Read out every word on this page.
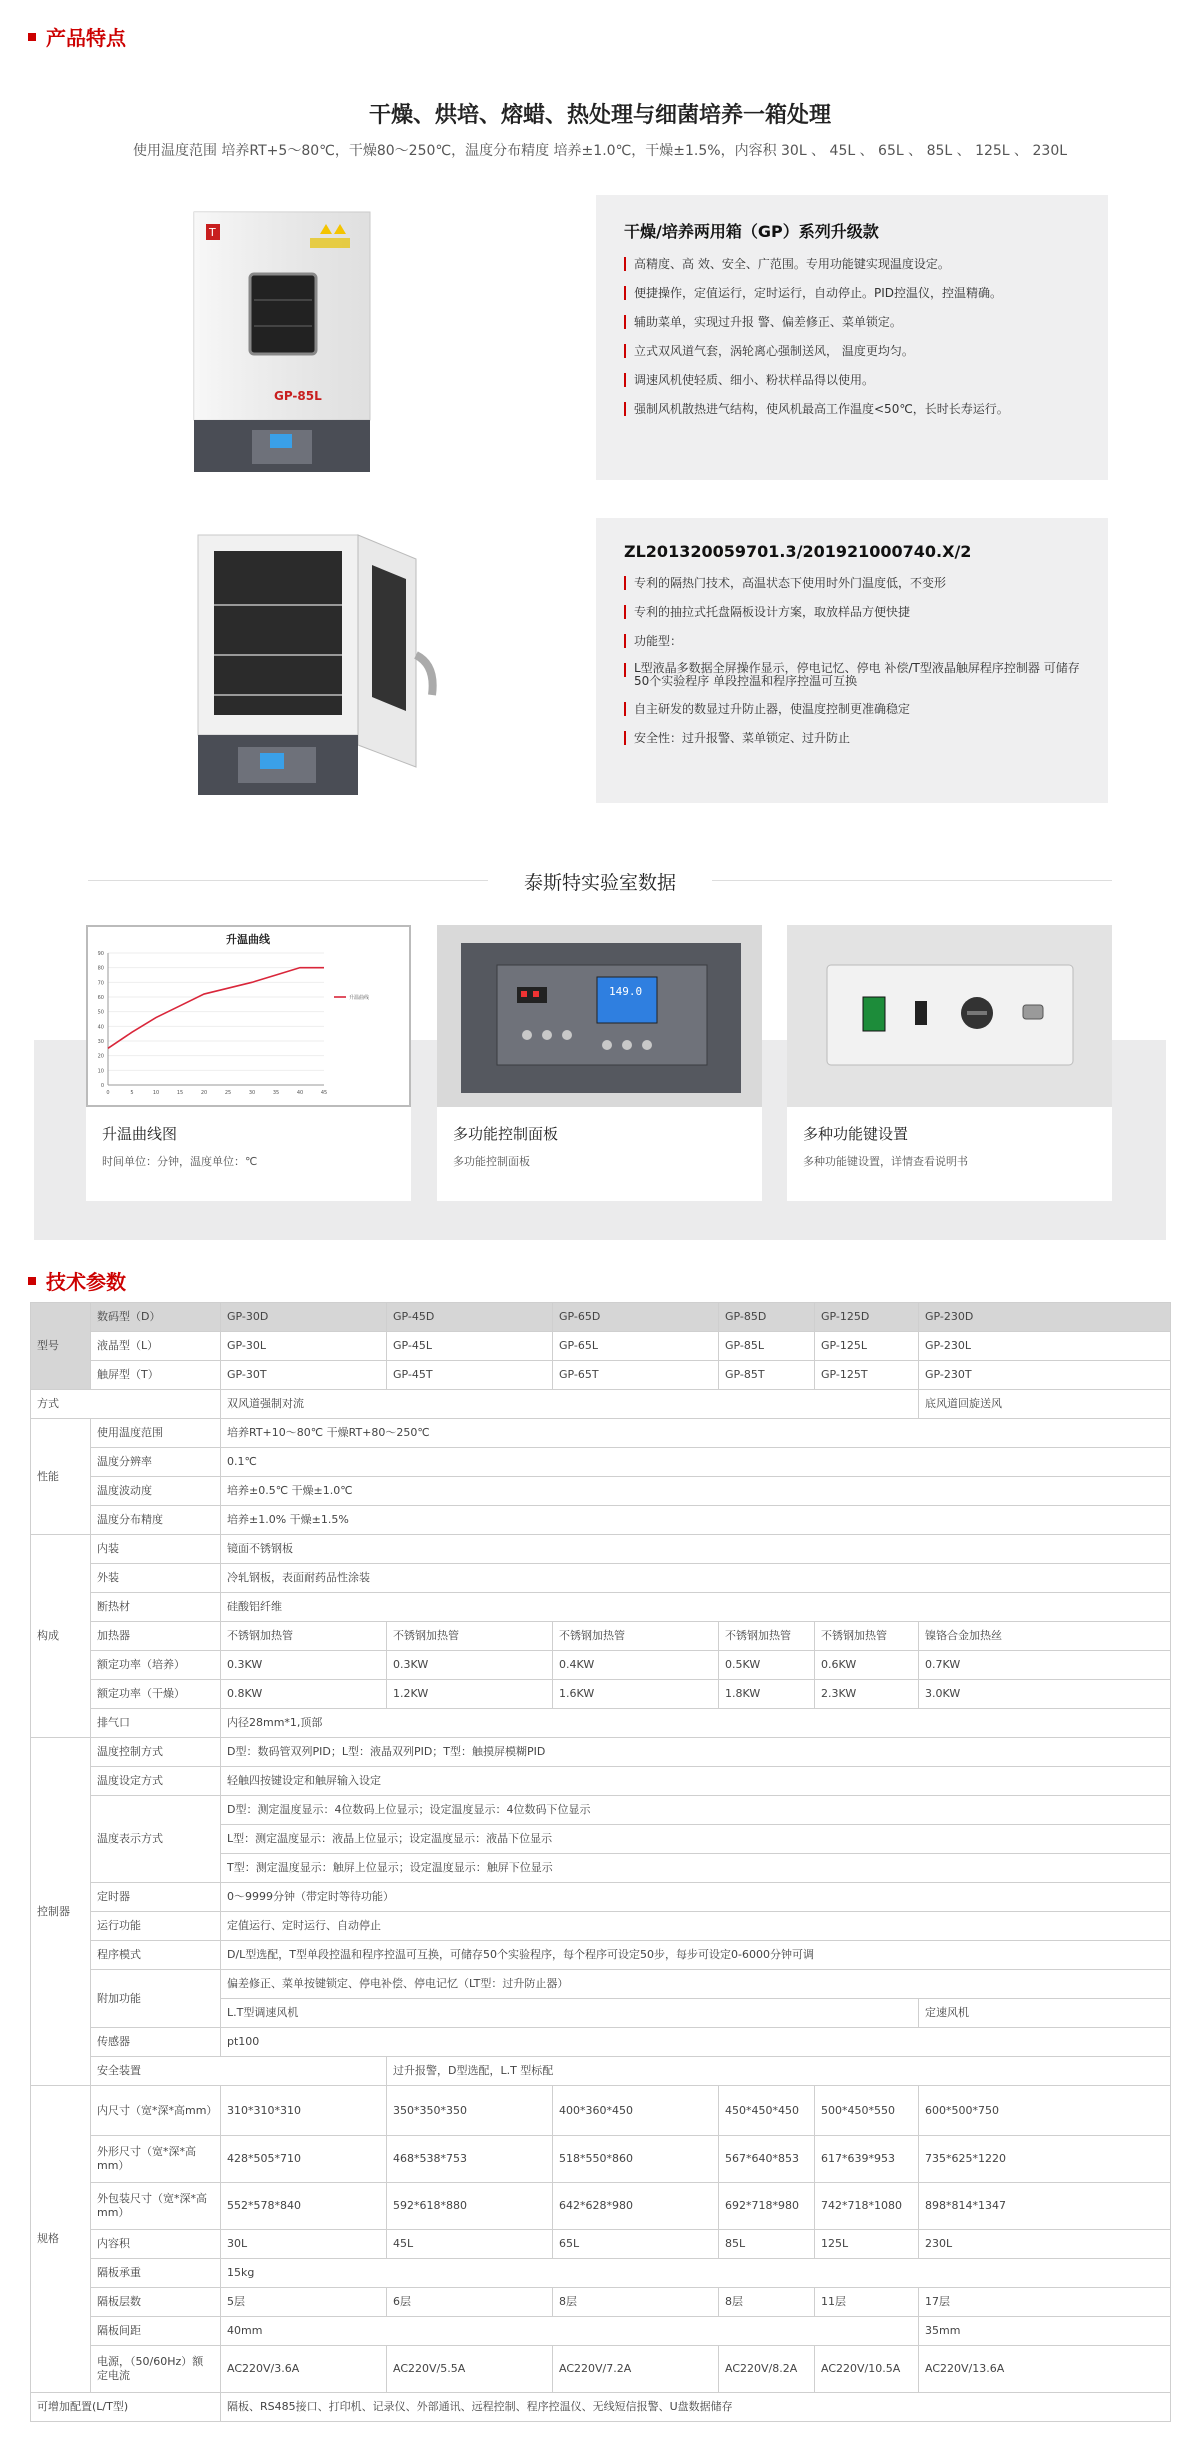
产品特点
干燥、烘培、熔蜡、热处理与细菌培养一箱处理
使用温度范围 培养RT+5～80℃，干燥80～250℃，温度分布精度 培养±1.0℃，干燥±1.5%，内容积 30L 、 45L 、 65L 、 85L 、 125L 、 230L
T
GP-85L
干燥/培养两用箱（GP）系列升级款
高精度、高 效、安全、广范围。专用功能键实现温度设定。
便捷操作，定值运行，定时运行，自动停止。PID控温仪，控温精确。
辅助菜单，实现过升报 警、偏差修正、菜单锁定。
立式双风道气套，涡轮离心强制送风， 温度更均匀。
调速风机使轻质、细小、粉状样品得以使用。
强制风机散热进气结构，使风机最高工作温度<50℃，长时长寿运行。
ZL201320059701.3/201921000740.X/2
专利的隔热门技术，高温状态下使用时外门温度低，不变形
专利的抽拉式托盘隔板设计方案，取放样品方便快捷
功能型：
L型液晶多数据全屏操作显示，停电记忆、停电 补偿/T型液晶触屏程序控制器 可储存50个实验程序 单段控温和程序控温可互换
自主研发的数显过升防止器，使温度控制更准确稳定
安全性：过升报警、菜单锁定、过升防止
泰斯特实验室数据
升温曲线
0
10
20
30
40
50
60
70
80
90
0	5	10	15	20	25	30	35	40	45
升温曲线
升温曲线图
时间单位：分钟，温度单位：℃
149.0
多功能控制面板
多功能控制面板
多种功能键设置
多种功能键设置，详情查看说明书
技术参数
型号	数码型（D）	GP-30D	GP-45D	GP-65D	GP-85D	GP-125D	GP-230D
	液晶型（L）	GP-30L	GP-45L	GP-65L	GP-85L	GP-125L	GP-230L
	触屏型（T）	GP-30T	GP-45T	GP-65T	GP-85T	GP-125T	GP-230T
方式		双风道强制对流					底风道回旋送风
性能	使用温度范围	培养RT+10～80℃ 干燥RT+80～250℃					
	温度分辨率	0.1℃					
	温度波动度	培养±0.5℃ 干燥±1.0℃					
	温度分布精度	培养±1.0% 干燥±1.5%					
构成	内装	镜面不锈钢板					
	外装	冷轧钢板，表面耐药品性涂装					
	断热材	硅酸铝纤维					
	加热器	不锈钢加热管	不锈钢加热管	不锈钢加热管	不锈钢加热管	不锈钢加热管	镍铬合金加热丝
	额定功率（培养）	0.3KW	0.3KW	0.4KW	0.5KW	0.6KW	0.7KW
	额定功率（干燥）	0.8KW	1.2KW	1.6KW	1.8KW	2.3KW	3.0KW
	排气口	内径28mm*1,顶部					
控制器	温度控制方式	D型：数码管双列PID；L型：液晶双列PID；T型：触摸屏模糊PID					
	温度设定方式	轻触四按键设定和触屏输入设定					
	温度表示方式	D型：测定温度显示：4位数码上位显示；设定温度显示：4位数码下位显示					
		L型：测定温度显示：液晶上位显示；设定温度显示：液晶下位显示					
		T型：测定温度显示：触屏上位显示；设定温度显示：触屏下位显示					
	定时器	0～9999分钟（带定时等待功能）					
	运行功能	定值运行、定时运行、自动停止					
	程序模式	D/L型选配，T型单段控温和程序控温可互换，可储存50个实验程序，每个程序可设定50步，每步可设定0-6000分钟可调					
	附加功能	偏差修正、菜单按键锁定、停电补偿、停电记忆（LT型：过升防止器）					
		L.T型调速风机					定速风机
	传感器	pt100					
	安全装置		过升报警，D型选配，L.T 型标配				
规格	内尺寸（宽*深*高mm）	310*310*310	350*350*350	400*360*450	450*450*450	500*450*550	600*500*750
	外形尺寸（宽*深*高mm）	428*505*710	468*538*753	518*550*860	567*640*853	617*639*953	735*625*1220
	外包装尺寸（宽*深*高mm）	552*578*840	592*618*880	642*628*980	692*718*980	742*718*1080	898*814*1347
	内容积	30L	45L	65L	85L	125L	230L
	隔板承重	15kg					
	隔板层数	5层	6层	8层	8层	11层	17层
	隔板间距	40mm					35mm
	电源，（50/60Hz）额定电流	AC220V/3.6A	AC220V/5.5A	AC220V/7.2A	AC220V/8.2A	AC220V/10.5A	AC220V/13.6A
可增加配置(L/T型)		隔板、RS485接口、打印机、记录仪、外部通讯、远程控制、程序控温仪、无线短信报警、U盘数据储存					
